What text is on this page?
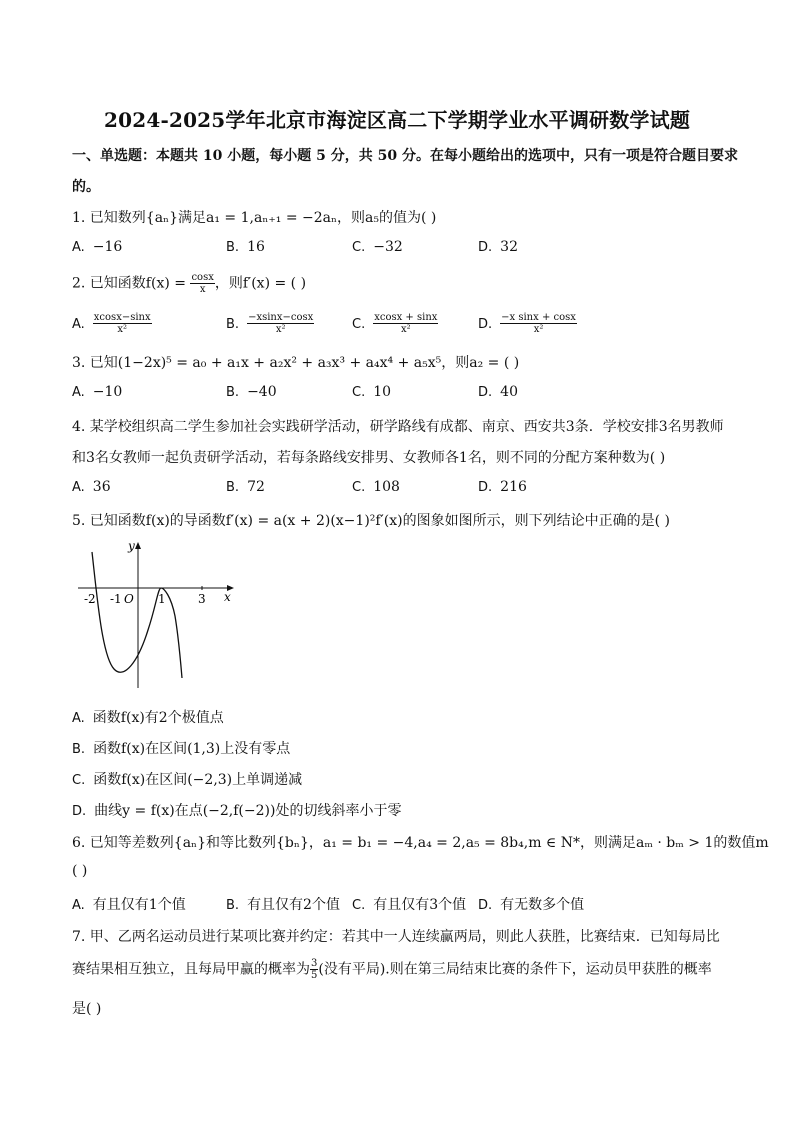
2024-2025学年北京市海淀区高二下学期学业水平调研数学试题
一、单选题：本题共 10 小题，每小题 5 分，共 50 分。在每小题给出的选项中，只有一项是符合题目要求
的。
1. 已知数列{aₙ}满足a₁ = 1,aₙ₊₁ = −2aₙ，则a₅的值为( )
A. −16	B. 16	C. −32	D. 32
2. 已知函数$f(x) = \frac{\cos x}{x}$ ，则f′(x) = ( )
A. $\frac{xcosx-\sin x}{\text{x²}}$	B. $\frac{-xsinx-\cos x}{\text{x²}}$	C. $\frac{xcosx + \sin x}{\text{x²}}$	D. $\frac{\text{−x sinx + cosx}}{\text{x²}}$
3. 已知(1−2x)⁵ = a₀ + a₁x + a₂x² + a₃x³ + a₄x⁴ + a₅x⁵，则a₂ = ( )
A. −10	B. −40	C. 10	D. 40
4. 某学校组织高二学生参加社会实践研学活动，研学路线有成都、南京、西安共3条．学校安排3名男教师
和3名女教师一起负责研学活动，若每条路线安排男、女教师各1名，则不同的分配方案种数为( )
A. 36	B. 72	C. 108	D. 216
5. 已知函数f(x)的导函数f′(x) = a(x + 2)(x−1)²f′(x)的图象如图所示，则下列结论中正确的是( )
y
x
O
-2 -1	1	3
A. 函数f(x)有2个极值点
B. 函数f(x)在区间(1,3)上没有零点
C. 函数f(x)在区间(−2,3)上单调递减
D. 曲线y = f(x)在点(−2,f(−2))处的切线斜率小于零
6. 已知等差数列{aₙ}和等比数列{bₙ}，a₁ = b₁ = −4,a₄ = 2,a₅ = 8b₄,m ∈ N*，则满足aₘ · bₘ > 1的数值m
( )
A. 有且仅有1个值	B. 有且仅有2个值 C. 有且仅有3个值 D. 有无数多个值
7. 甲、乙两名运动员进行某项比赛并约定：若其中一人连续赢两局，则此人获胜，比赛结束．已知每局比
赛结果相互独立，且每局甲赢的概率为 $\frac{3}{5}$ (没有平局).则在第三局结束比赛的条件下，运动员甲获胜的概率
是( )
